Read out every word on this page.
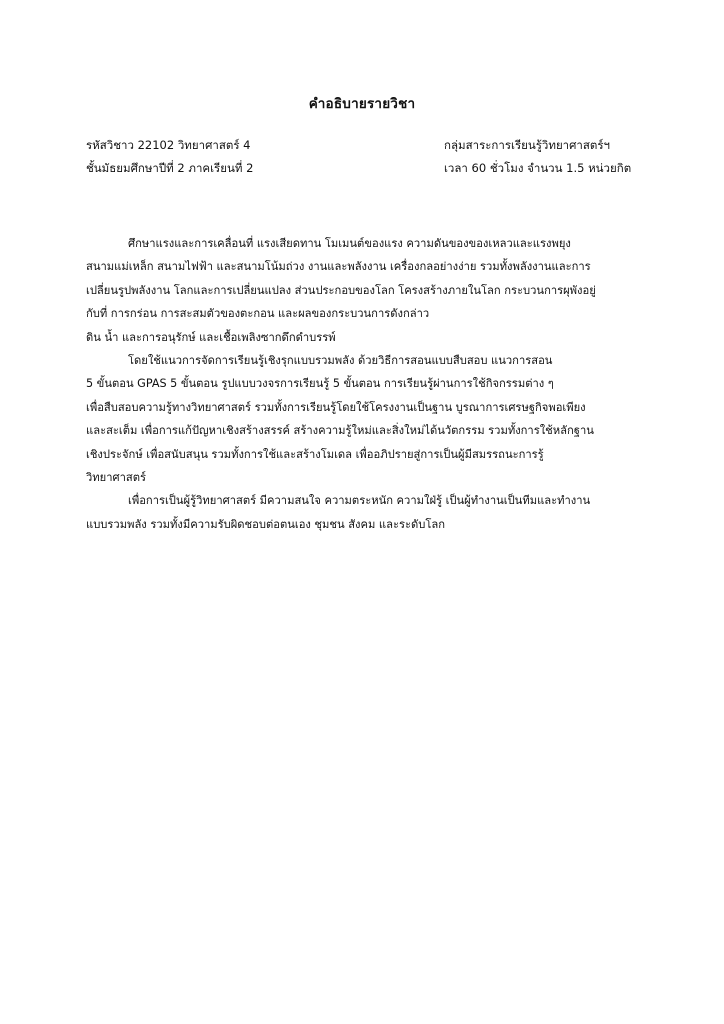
คำอธิบายรายวิชา
รหัสวิชาว 22102 วิทยาศาสตร์ 4
ชั้นมัธยมศึกษาปีที่ 2 ภาคเรียนที่ 2
กลุ่มสาระการเรียนรู้วิทยาศาสตร์ฯ
เวลา 60 ชั่วโมง จำนวน 1.5 หน่วยกิต
ศึกษาแรงและการเคลื่อนที่ แรงเสียดทาน โมเมนต์ของแรง ความดันของของเหลวและแรงพยุง
สนามแม่เหล็ก สนามไฟฟ้า และสนามโน้มถ่วง งานและพลังงาน เครื่องกลอย่างง่าย รวมทั้งพลังงานและการ
เปลี่ยนรูปพลังงาน โลกและการเปลี่ยนแปลง ส่วนประกอบของโลก โครงสร้างภายในโลก กระบวนการผุพังอยู่
กับที่ การกร่อน การสะสมตัวของตะกอน และผลของกระบวนการดังกล่าว
ดิน น้ำ และการอนุรักษ์ และเชื้อเพลิงซากดึกดำบรรพ์
โดยใช้แนวการจัดการเรียนรู้เชิงรุกแบบรวมพลัง ด้วยวิธีการสอนแบบสืบสอบ แนวการสอน
5 ขั้นตอน GPAS 5 ขั้นตอน รูปแบบวงจรการเรียนรู้ 5 ขั้นตอน การเรียนรู้ผ่านการใช้กิจกรรมต่าง ๆ
เพื่อสืบสอบความรู้ทางวิทยาศาสตร์ รวมทั้งการเรียนรู้โดยใช้โครงงานเป็นฐาน บูรณาการเศรษฐกิจพอเพียง
และสะเต็ม เพื่อการแก้ปัญหาเชิงสร้างสรรค์ สร้างความรู้ใหม่และสิ่งใหม่ได้นวัตกรรม รวมทั้งการใช้หลักฐาน
เชิงประจักษ์ เพื่อสนับสนุน รวมทั้งการใช้และสร้างโมเดล เพื่ออภิปรายสู่การเป็นผู้มีสมรรถนะการรู้
วิทยาศาสตร์
เพื่อการเป็นผู้รู้วิทยาศาสตร์ มีความสนใจ ความตระหนัก ความใฝ่รู้ เป็นผู้ทำงานเป็นทีมและทำงาน
แบบรวมพลัง รวมทั้งมีความรับผิดชอบต่อตนเอง ชุมชน สังคม และระดับโลก
